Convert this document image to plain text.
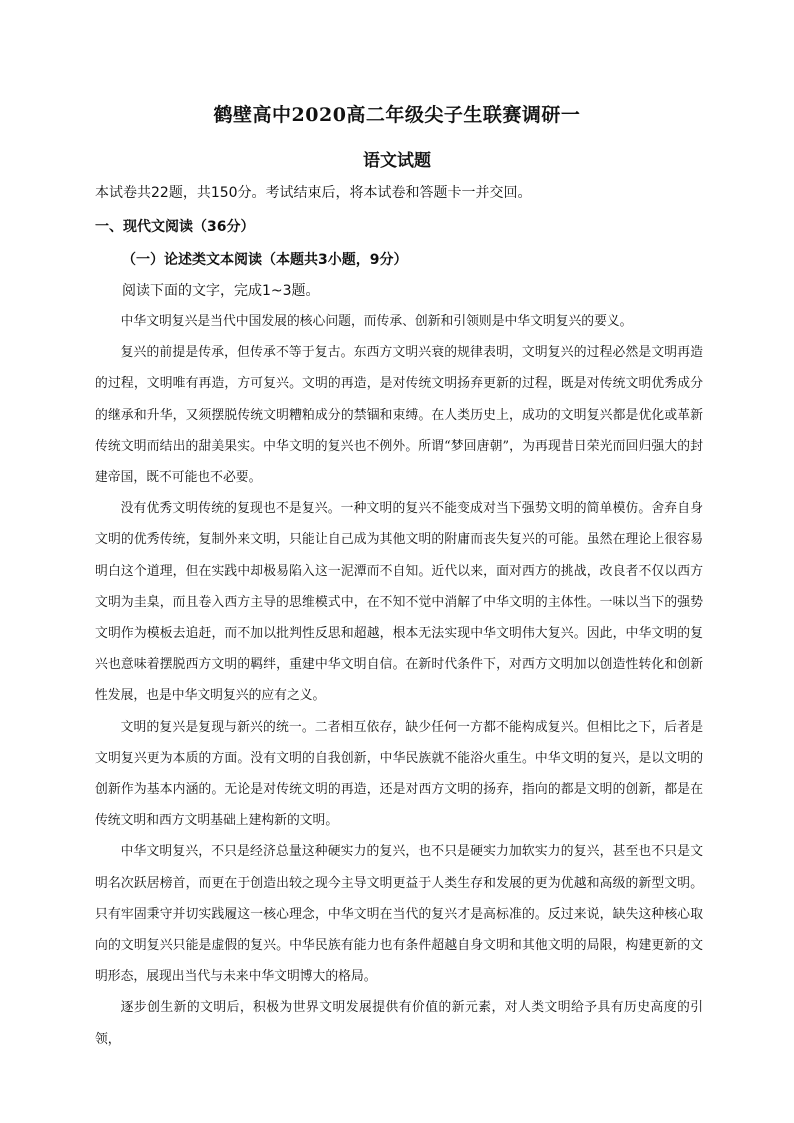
鹤壁高中2020高二年级尖子生联赛调研一
语文试题
本试卷共22题，共150分。考试结束后，将本试卷和答题卡一并交回。
一、现代文阅读（36分）
（一）论述类文本阅读（本题共3小题，9分）
阅读下面的文字，完成1~3题。

中华文明复兴是当代中国发展的核心问题，而传承、创新和引领则是中华文明复兴的要义。

复兴的前提是传承，但传承不等于复古。东西方文明兴衰的规律表明，文明复兴的过程必然是文明再造的过程，文明唯有再造，方可复兴。文明的再造，是对传统文明扬弃更新的过程，既是对传统文明优秀成分的继承和升华，又须摆脱传统文明糟粕成分的禁锢和束缚。在人类历史上，成功的文明复兴都是优化或革新传统文明而结出的甜美果实。中华文明的复兴也不例外。所谓“梦回唐朝”，为再现昔日荣光而回归强大的封建帝国，既不可能也不必要。

没有优秀文明传统的复现也不是复兴。一种文明的复兴不能变成对当下强势文明的简单模仿。舍弃自身文明的优秀传统，复制外来文明，只能让自己成为其他文明的附庸而丧失复兴的可能。虽然在理论上很容易明白这个道理，但在实践中却极易陷入这一泥潭而不自知。近代以来，面对西方的挑战，改良者不仅以西方文明为圭臬，而且卷入西方主导的思维模式中，在不知不觉中消解了中华文明的主体性。一味以当下的强势文明作为模板去追赶，而不加以批判性反思和超越，根本无法实现中华文明伟大复兴。因此，中华文明的复兴也意味着摆脱西方文明的羁绊，重建中华文明自信。在新时代条件下，对西方文明加以创造性转化和创新性发展，也是中华文明复兴的应有之义。

文明的复兴是复现与新兴的统一。二者相互依存，缺少任何一方都不能构成复兴。但相比之下，后者是文明复兴更为本质的方面。没有文明的自我创新，中华民族就不能浴火重生。中华文明的复兴，是以文明的创新作为基本内涵的。无论是对传统文明的再造，还是对西方文明的扬弃，指向的都是文明的创新，都是在传统文明和西方文明基础上建构新的文明。

中华文明复兴，不只是经济总量这种硬实力的复兴，也不只是硬实力加软实力的复兴，甚至也不只是文明名次跃居榜首，而更在于创造出较之现今主导文明更益于人类生存和发展的更为优越和高级的新型文明。只有牢固秉守并切实践履这一核心理念，中华文明在当代的复兴才是高标准的。反过来说，缺失这种核心取向的文明复兴只能是虚假的复兴。中华民族有能力也有条件超越自身文明和其他文明的局限，构建更新的文明形态，展现出当代与未来中华文明博大的格局。

逐步创生新的文明后，积极为世界文明发展提供有价值的新元素，对人类文明给予具有历史高度的引领，
